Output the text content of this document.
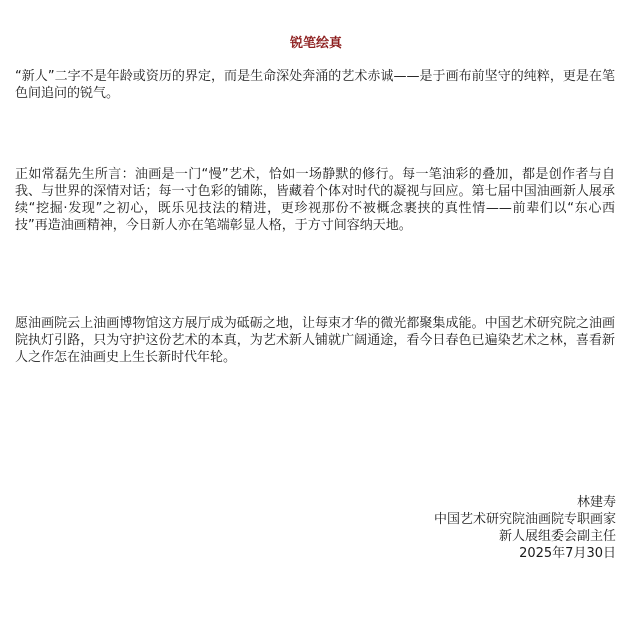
锐笔绘真

“新人”二字不是年龄或资历的界定，而是生命深处奔涌的艺术赤诚——是于画布前坚守的纯粹，更是在笔色间追问的锐气。

正如常磊先生所言：油画是一门“慢”艺术，恰如一场静默的修行。每一笔油彩的叠加，都是创作者与自我、与世界的深情对话；每一寸色彩的铺陈，皆藏着个体对时代的凝视与回应。第七届中国油画新人展承续“挖掘·发现”之初心，既乐见技法的精进，更珍视那份不被概念裹挟的真性情——前辈们以“东心西技”再造油画精神，今日新人亦在笔端彰显人格，于方寸间容纳天地。

愿油画院云上油画博物馆这方展厅成为砥砺之地，让每束才华的微光都聚集成能。中国艺术研究院之油画院执灯引路，只为守护这份艺术的本真，为艺术新人铺就广阔通途，看今日春色已遍染艺术之林，喜看新人之作怎在油画史上生长新时代年轮。

林建寿
中国艺术研究院油画院专职画家
新人展组委会副主任
2025年7月30日
